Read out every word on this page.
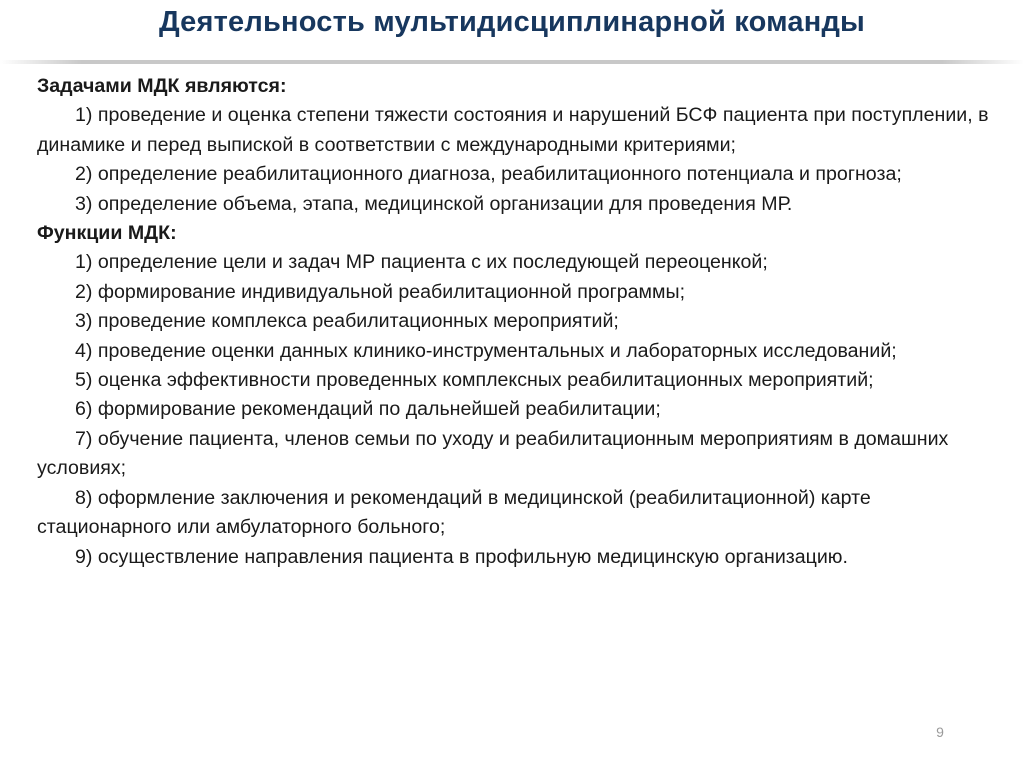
Деятельность мультидисциплинарной команды

Задачами МДК являются:

1) проведение и оценка степени тяжести состояния и нарушений БСФ пациента при поступлении, в динамике и перед выпиской в соответствии с международными критериями;

2) определение реабилитационного диагноза, реабилитационного потенциала и прогноза;

3) определение объема, этапа, медицинской организации для проведения МР.

Функции МДК:

1) определение цели и задач МР пациента с их последующей переоценкой;

2) формирование индивидуальной реабилитационной программы;

3) проведение комплекса реабилитационных мероприятий;

4) проведение оценки данных клинико-инструментальных и лабораторных исследований;

5) оценка эффективности проведенных комплексных реабилитационных мероприятий;

6) формирование рекомендаций по дальнейшей реабилитации;

7) обучение пациента, членов семьи по уходу и реабилитационным мероприятиям в домашних условиях;

8) оформление заключения и рекомендаций в медицинской (реабилитационной) карте стационарного или амбулаторного больного;

9) осуществление направления пациента в профильную медицинскую организацию.

9
